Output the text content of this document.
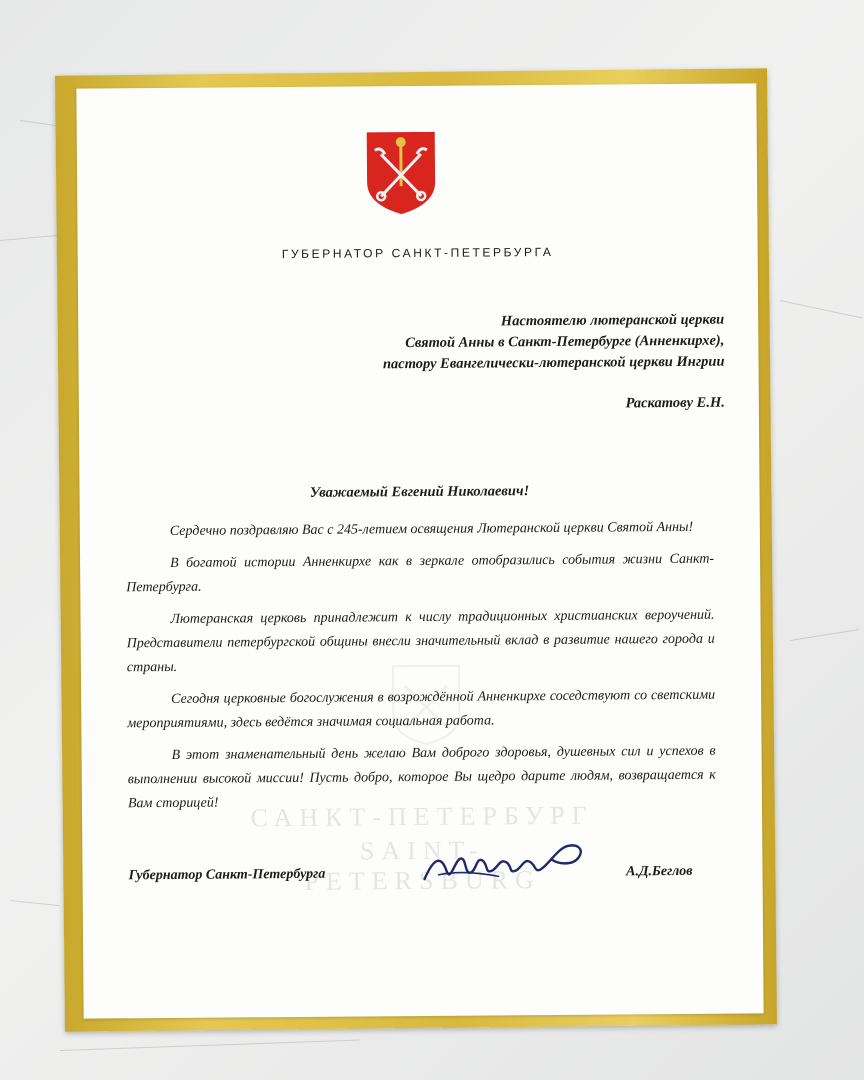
САНКТ-ПЕТЕРБУРГ
SAINT-PETERSBURG
ГУБЕРНАТОР САНКТ-ПЕТЕРБУРГА
Настоятелю лютеранской церкви
Святой Анны в Санкт-Петербурге (Анненкирхе),
пастору Евангелически-лютеранской церкви Ингрии
Раскатову Е.Н.
Уважаемый Евгений Николаевич!

Сердечно поздравляю Вас с 245-летием освящения Лютеранской церкви Святой Анны!

В богатой истории Анненкирхе как в зеркале отобразились события жизни Санкт-Петербурга.

Лютеранская церковь принадлежит к числу традиционных христианских вероучений. Представители петербургской общины внесли значительный вклад в развитие нашего города и страны.

Сегодня церковные богослужения в возрождённой Анненкирхе соседствуют со светскими мероприятиями, здесь ведётся значимая социальная работа.

В этот знаменательный день желаю Вам доброго здоровья, душевных сил и успехов в выполнении высокой миссии! Пусть добро, которое Вы щедро дарите людям, возвращается к Вам сторицей!

Губернатор Санкт-Петербурга	А.Д.Беглов
